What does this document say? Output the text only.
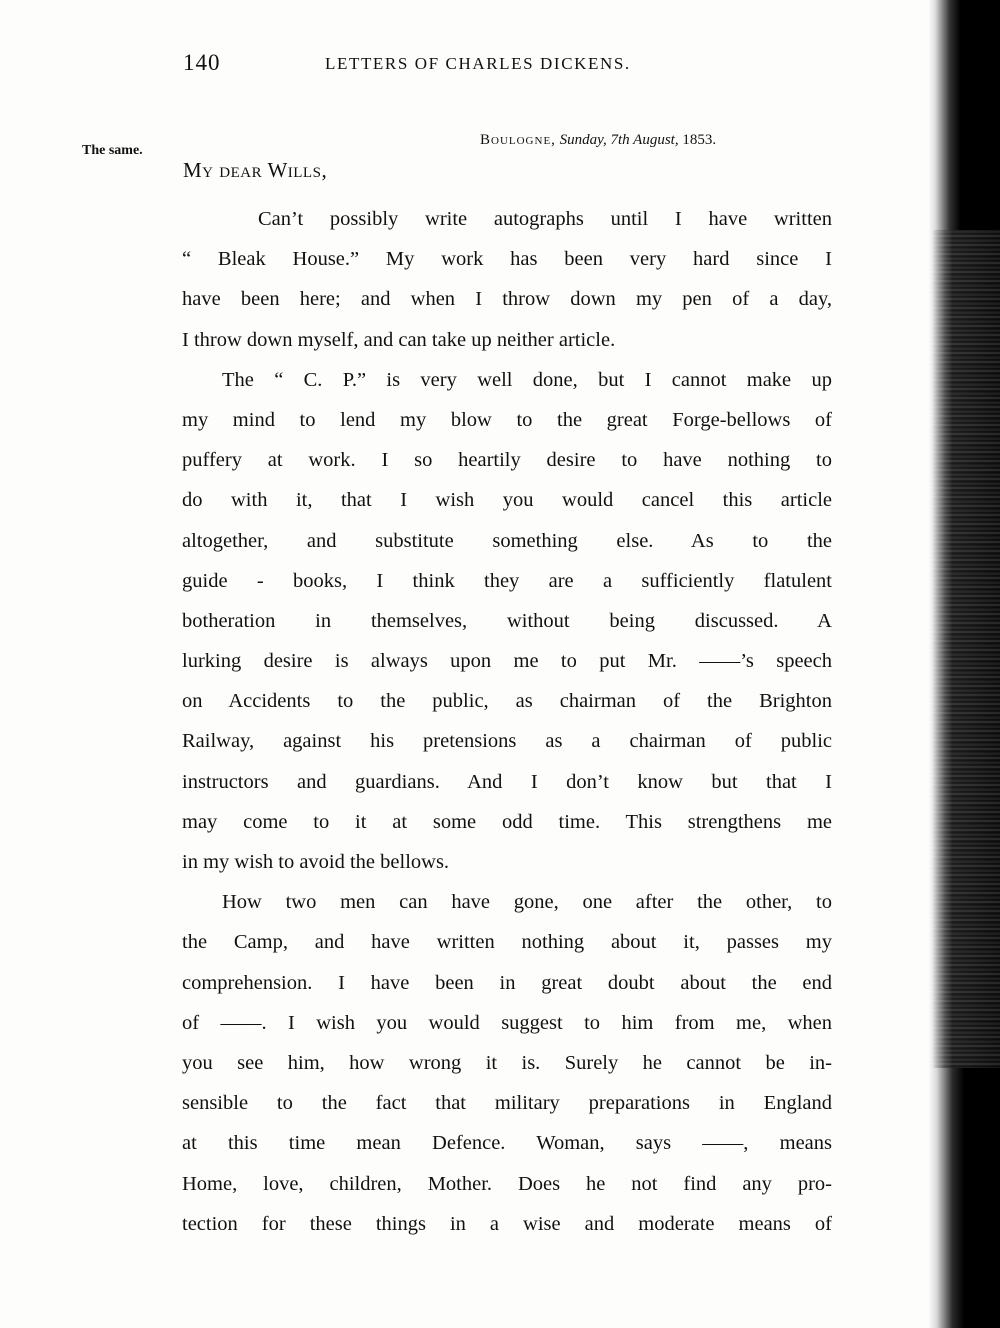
140	LETTERS OF CHARLES DICKENS.
The same.
Boulogne, Sunday, 7th August, 1853.
My dear Wills,
Can’t possibly write autographs until I have written
“ Bleak House.” My work has been very hard since I
have been here; and when I throw down my pen of a day,
I throw down myself, and can take up neither article.
The “ C. P.” is very well done, but I cannot make up
my mind to lend my blow to the great Forge-bellows of
puffery at work. I so heartily desire to have nothing to
do with it, that I wish you would cancel this article
altogether, and substitute something else. As to the
guide - books, I think they are a sufficiently flatulent
botheration in themselves, without being discussed. A
lurking desire is always upon me to put Mr. ——’s speech
on Accidents to the public, as chairman of the Brighton
Railway, against his pretensions as a chairman of public
instructors and guardians. And I don’t know but that I
may come to it at some odd time. This strengthens me
in my wish to avoid the bellows.
How two men can have gone, one after the other, to
the Camp, and have written nothing about it, passes my
comprehension. I have been in great doubt about the end
of ——. I wish you would suggest to him from me, when
you see him, how wrong it is. Surely he cannot be in-
sensible to the fact that military preparations in England
at this time mean Defence. Woman, says ——, means
Home, love, children, Mother. Does he not find any pro-
tection for these things in a wise and moderate means of
